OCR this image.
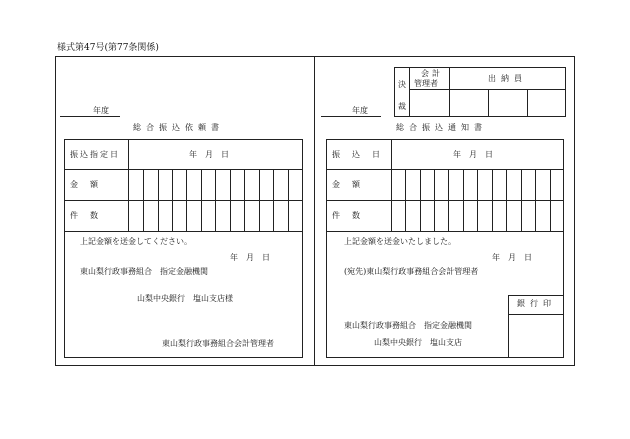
様式第47号(第77条関係)
年度
総合振込依頼書
振込指定日	年　月　日
金　額
件　数
上記金額を送金してください。
年　月　日
東山梨行政事務組合　指定金融機関
山梨中央銀行　塩山支店様
東山梨行政事務組合会計管理者
決裁
会計
管理者
出納員
年度
総合振込通知書
振込日	年　月　日
金　額
件　数
上記金額を送金いたしました。
年　月　日
(宛先)東山梨行政事務組合会計管理者
銀行印
東山梨行政事務組合　指定金融機関
山梨中央銀行　塩山支店
